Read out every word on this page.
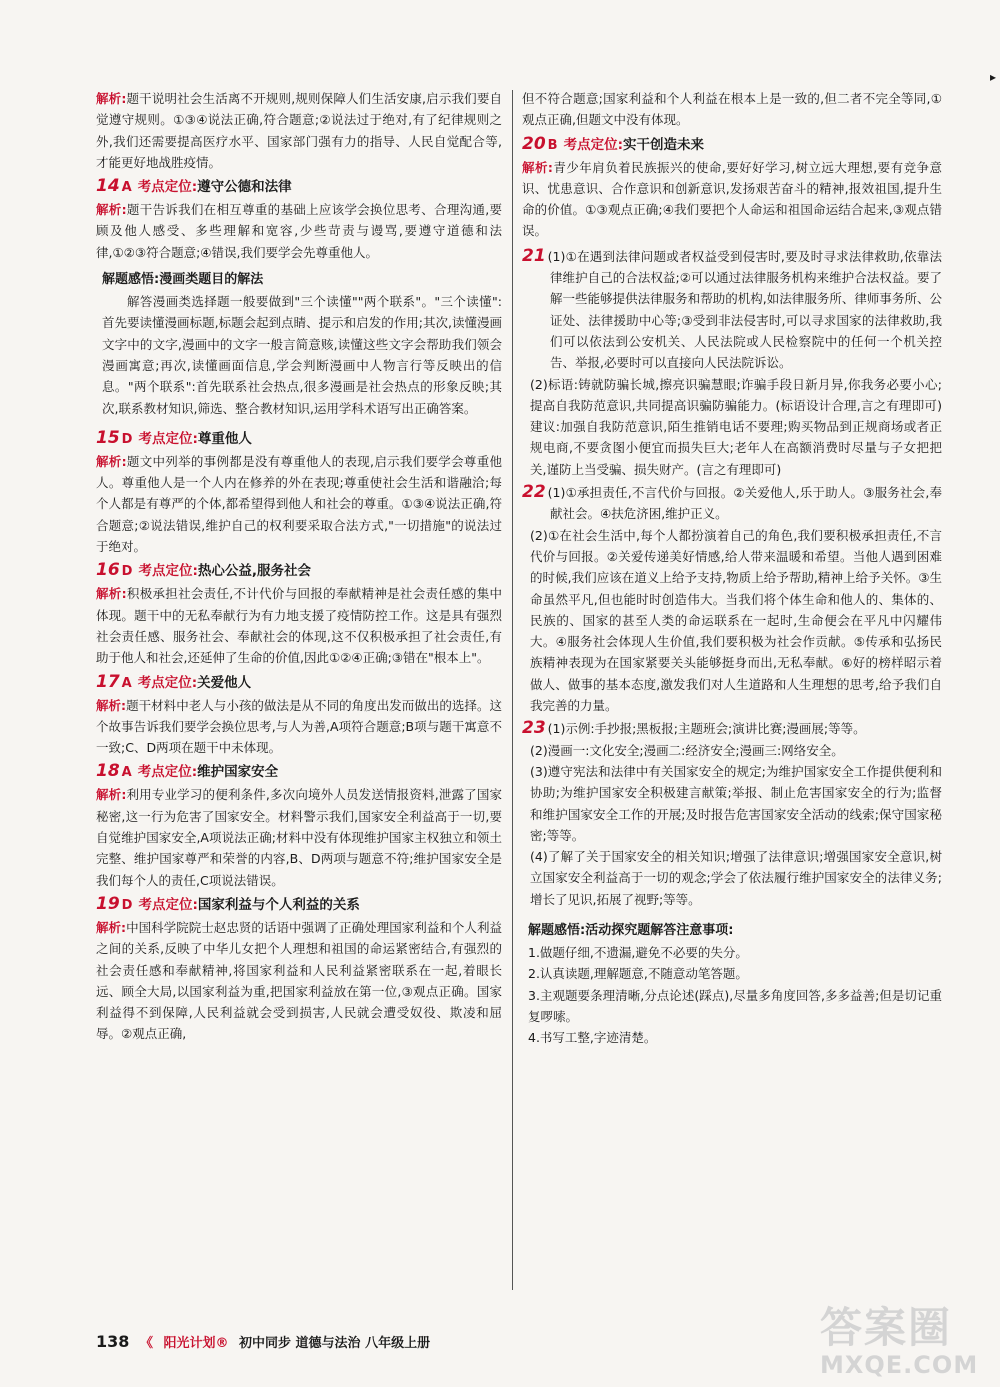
▸

解析:题干说明社会生活离不开规则,规则保障人们生活安康,启示我们要自觉遵守规则。①③④说法正确,符合题意;②说法过于绝对,有了纪律规则之外,我们还需要提高医疗水平、国家部门强有力的指导、人民自觉配合等,才能更好地战胜疫情。

14 A 考点定位:遵守公德和法律

解析:题干告诉我们在相互尊重的基础上应该学会换位思考、合理沟通,要顾及他人感受、多些理解和宽容,少些苛责与谩骂,要遵守道德和法律,①②③符合题意;④错误,我们要学会先尊重他人。

解题感悟:漫画类题目的解法

解答漫画类选择题一般要做到"三个读懂""两个联系"。"三个读懂":首先要读懂漫画标题,标题会起到点睛、提示和启发的作用;其次,读懂漫画文字中的文字,漫画中的文字一般言简意赅,读懂这些文字会帮助我们领会漫画寓意;再次,读懂画面信息,学会判断漫画中人物言行等反映出的信息。"两个联系":首先联系社会热点,很多漫画是社会热点的形象反映;其次,联系教材知识,筛选、整合教材知识,运用学科术语写出正确答案。

15 D 考点定位:尊重他人

解析:题文中列举的事例都是没有尊重他人的表现,启示我们要学会尊重他人。尊重他人是一个人内在修养的外在表现;尊重使社会生活和谐融洽;每个人都是有尊严的个体,都希望得到他人和社会的尊重。①③④说法正确,符合题意;②说法错误,维护自己的权利要采取合法方式,"一切措施"的说法过于绝对。

16 D 考点定位:热心公益,服务社会

解析:积极承担社会责任,不计代价与回报的奉献精神是社会责任感的集中体现。题干中的无私奉献行为有力地支援了疫情防控工作。这是具有强烈社会责任感、服务社会、奉献社会的体现,这不仅积极承担了社会责任,有助于他人和社会,还延伸了生命的价值,因此①②④正确;③错在"根本上"。

17 A 考点定位:关爱他人

解析:题干材料中老人与小孩的做法是从不同的角度出发而做出的选择。这个故事告诉我们要学会换位思考,与人为善,A项符合题意;B项与题干寓意不一致;C、D两项在题干中未体现。

18 A 考点定位:维护国家安全

解析:利用专业学习的便利条件,多次向境外人员发送情报资料,泄露了国家秘密,这一行为危害了国家安全。材料警示我们,国家安全利益高于一切,要自觉维护国家安全,A项说法正确;材料中没有体现维护国家主权独立和领土完整、维护国家尊严和荣誉的内容,B、D两项与题意不符;维护国家安全是我们每个人的责任,C项说法错误。

19 D 考点定位:国家利益与个人利益的关系

解析:中国科学院院士赵忠贤的话语中强调了正确处理国家利益和个人利益之间的关系,反映了中华儿女把个人理想和祖国的命运紧密结合,有强烈的社会责任感和奉献精神,将国家利益和人民利益紧密联系在一起,着眼长远、顾全大局,以国家利益为重,把国家利益放在第一位,③观点正确。国家利益得不到保障,人民利益就会受到损害,人民就会遭受奴役、欺凌和屈辱。②观点正确,

但不符合题意;国家利益和个人利益在根本上是一致的,但二者不完全等同,①观点正确,但题文中没有体现。

20 B 考点定位:实干创造未来

解析:青少年肩负着民族振兴的使命,要好好学习,树立远大理想,要有竞争意识、忧患意识、合作意识和创新意识,发扬艰苦奋斗的精神,报效祖国,提升生命的价值。①③观点正确;④我们要把个人命运和祖国命运结合起来,③观点错误。

21 (1)①在遇到法律问题或者权益受到侵害时,要及时寻求法律救助,依靠法律维护自己的合法权益;②可以通过法律服务机构来维护合法权益。要了解一些能够提供法律服务和帮助的机构,如法律服务所、律师事务所、公证处、法律援助中心等;③受到非法侵害时,可以寻求国家的法律救助,我们可以依法到公安机关、人民法院或人民检察院中的任何一个机关控告、举报,必要时可以直接向人民法院诉讼。

(2)标语:铸就防骗长城,擦亮识骗慧眼;诈骗手段日新月异,你我务必要小心;提高自我防范意识,共同提高识骗防骗能力。(标语设计合理,言之有理即可)建议:加强自我防范意识,陌生推销电话不要理;购买物品到正规商场或者正规电商,不要贪图小便宜而损失巨大;老年人在高额消费时尽量与子女把把关,谨防上当受骗、损失财产。(言之有理即可)

22 (1)①承担责任,不言代价与回报。②关爱他人,乐于助人。③服务社会,奉献社会。④扶危济困,维护正义。

(2)①在社会生活中,每个人都扮演着自己的角色,我们要积极承担责任,不言代价与回报。②关爱传递美好情感,给人带来温暖和希望。当他人遇到困难的时候,我们应该在道义上给予支持,物质上给予帮助,精神上给予关怀。③生命虽然平凡,但也能时时创造伟大。当我们将个体生命和他人的、集体的、民族的、国家的甚至人类的命运联系在一起时,生命便会在平凡中闪耀伟大。④服务社会体现人生价值,我们要积极为社会作贡献。⑤传承和弘扬民族精神表现为在国家紧要关头能够挺身而出,无私奉献。⑥好的榜样昭示着做人、做事的基本态度,激发我们对人生道路和人生理想的思考,给予我们自我完善的力量。

23 (1)示例:手抄报;黑板报;主题班会;演讲比赛;漫画展;等等。

(2)漫画一:文化安全;漫画二:经济安全;漫画三:网络安全。

(3)遵守宪法和法律中有关国家安全的规定;为维护国家安全工作提供便利和协助;为维护国家安全积极建言献策;举报、制止危害国家安全的行为;监督和维护国家安全工作的开展;及时报告危害国家安全活动的线索;保守国家秘密;等等。

(4)了解了关于国家安全的相关知识;增强了法律意识;增强国家安全意识,树立国家安全利益高于一切的观念;学会了依法履行维护国家安全的法律义务;增长了见识,拓展了视野;等等。

解题感悟:活动探究题解答注意事项:

1.做题仔细,不遗漏,避免不必要的失分。

2.认真读题,理解题意,不随意动笔答题。

3.主观题要条理清晰,分点论述(踩点),尽量多角度回答,多多益善;但是切记重复啰嗦。

4.书写工整,字迹清楚。

138 《 阳光计划® 初中同步 道德与法治 八年级上册	答案圈
MXQE.COM
